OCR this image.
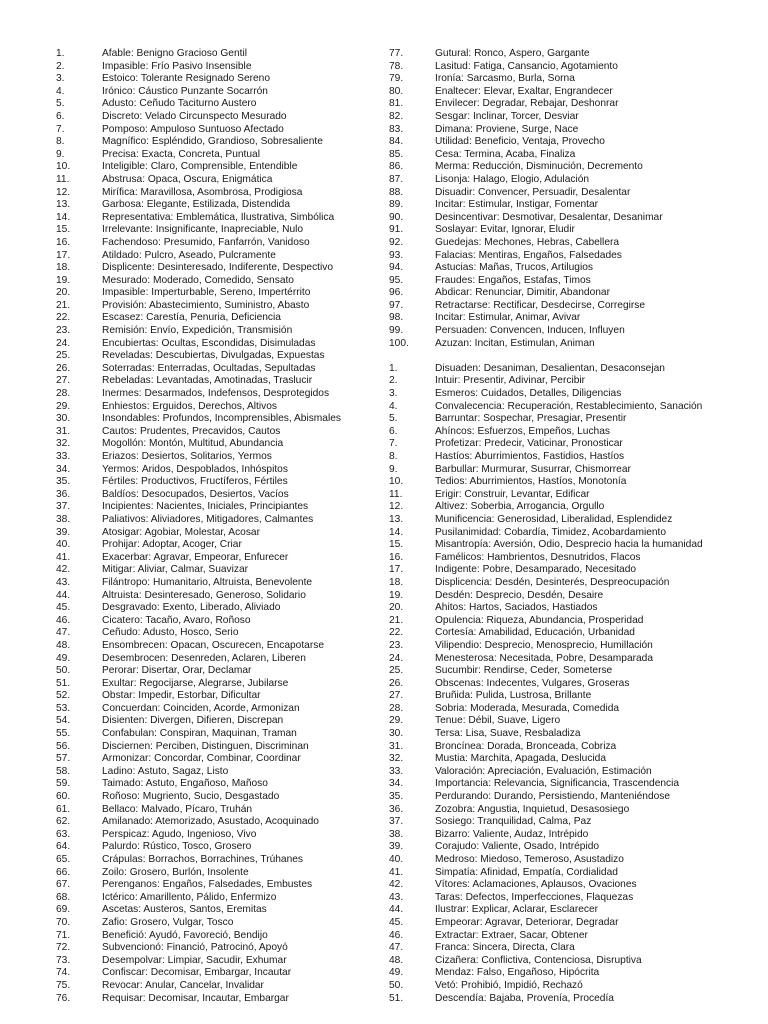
1.	Afable: Benigno Gracioso Gentil
2.	Impasible: Frío Pasivo Insensible
3.	Estoico: Tolerante Resignado Sereno
4.	Irónico: Cáustico Punzante Socarrón
5.	Adusto: Ceñudo Taciturno Austero
6.	Discreto: Velado Circunspecto Mesurado
7.	Pomposo: Ampuloso Suntuoso Afectado
8.	Magnífico: Espléndido, Grandioso, Sobresaliente
9.	Precisa: Exacta, Concreta, Puntual
10.	Inteligible: Claro, Comprensible, Entendible
11.	Abstrusa: Opaca, Oscura, Enigmática
12.	Mirífica: Maravillosa, Asombrosa, Prodigiosa
13.	Garbosa: Elegante, Estilizada, Distendida
14.	Representativa: Emblemática, Ilustrativa, Simbólica
15.	Irrelevante: Insignificante, Inapreciable, Nulo
16.	Fachendoso: Presumido, Fanfarrón, Vanidoso
17.	Atildado: Pulcro, Aseado, Pulcramente
18.	Displicente: Desinteresado, Indiferente, Despectivo
19.	Mesurado: Moderado, Comedido, Sensato
20.	Impasible: Imperturbable, Sereno, Impertérrito
21.	Provisión: Abastecimiento, Suministro, Abasto
22.	Escasez: Carestía, Penuria, Deficiencia
23.	Remisión: Envío, Expedición, Transmisión
24.	Encubiertas: Ocultas, Escondidas, Disimuladas
25.	Reveladas: Descubiertas, Divulgadas, Expuestas
26.	Soterradas: Enterradas, Ocultadas, Sepultadas
27.	Rebeladas: Levantadas, Amotinadas, Traslucir
28.	Inermes: Desarmados, Indefensos, Desprotegidos
29.	Enhiestos: Erguidos, Derechos, Altivos
30.	Insondables: Profundos, Incomprensibles, Abismales
31.	Cautos: Prudentes, Precavidos, Cautos
32.	Mogollón: Montón, Multitud, Abundancia
33.	Eriazos: Desiertos, Solitarios, Yermos
34.	Yermos: Áridos, Despoblados, Inhóspitos
35.	Fértiles: Productivos, Fructíferos, Fértiles
36.	Baldíos: Desocupados, Desiertos, Vacíos
37.	Incipientes: Nacientes, Iniciales, Principiantes
38.	Paliativos: Aliviadores, Mitigadores, Calmantes
39.	Atosigar: Agobiar, Molestar, Acosar
40.	Prohijar: Adoptar, Acoger, Criar
41.	Exacerbar: Agravar, Empeorar, Enfurecer
42.	Mitigar: Aliviar, Calmar, Suavizar
43.	Filántropo: Humanitario, Altruista, Benevolente
44.	Altruista: Desinteresado, Generoso, Solidario
45.	Desgravado: Exento, Liberado, Aliviado
46.	Cicatero: Tacaño, Avaro, Roñoso
47.	Ceñudo: Adusto, Hosco, Serio
48.	Ensombrecen: Opacan, Oscurecen, Encapotarse
49.	Desembrocen: Desenreden, Aclaren, Liberen
50.	Perorar: Disertar, Orar, Declamar
51.	Exultar: Regocijarse, Alegrarse, Jubilarse
52.	Obstar: Impedir, Estorbar, Dificultar
53.	Concuerdan: Coinciden, Acorde, Armonizan
54.	Disienten: Divergen, Difieren, Discrepan
55.	Confabulan: Conspiran, Maquinan, Traman
56.	Disciernen: Perciben, Distinguen, Discriminan
57.	Armonizar: Concordar, Combinar, Coordinar
58.	Ladino: Astuto, Sagaz, Listo
59.	Taimado: Astuto, Engañoso, Mañoso
60.	Roñoso: Mugriento, Sucio, Desgastado
61.	Bellaco: Malvado, Pícaro, Truhán
62.	Amilanado: Atemorizado, Asustado, Acoquinado
63.	Perspicaz: Agudo, Ingenioso, Vivo
64.	Palurdo: Rústico, Tosco, Grosero
65.	Crápulas: Borrachos, Borrachines, Trúhanes
66.	Zoilo: Grosero, Burlón, Insolente
67.	Perenganos: Engaños, Falsedades, Embustes
68.	Ictérico: Amarillento, Pálido, Enfermizo
69.	Ascetas: Austeros, Santos, Eremitas
70.	Zafio: Grosero, Vulgar, Tosco
71.	Benefició: Ayudó, Favoreció, Bendijo
72.	Subvencionó: Financió, Patrocinó, Apoyó
73.	Desempolvar: Limpiar, Sacudir, Exhumar
74.	Confiscar: Decomisar, Embargar, Incautar
75.	Revocar: Anular, Cancelar, Invalidar
76.	Requisar: Decomisar, Incautar, Embargar
77.	Gutural: Ronco, Áspero, Gargante
78.	Lasitud: Fatiga, Cansancio, Agotamiento
79.	Ironía: Sarcasmo, Burla, Sorna
80.	Enaltecer: Elevar, Exaltar, Engrandecer
81.	Envilecer: Degradar, Rebajar, Deshonrar
82.	Sesgar: Inclinar, Torcer, Desviar
83.	Dimana: Proviene, Surge, Nace
84.	Utilidad: Beneficio, Ventaja, Provecho
85.	Cesa: Termina, Acaba, Finaliza
86.	Merma: Reducción, Disminución, Decremento
87.	Lisonja: Halago, Elogio, Adulación
88.	Disuadir: Convencer, Persuadir, Desalentar
89.	Incitar: Estimular, Instigar, Fomentar
90.	Desincentivar: Desmotivar, Desalentar, Desanimar
91.	Soslayar: Evitar, Ignorar, Eludir
92.	Guedejas: Mechones, Hebras, Cabellera
93.	Falacias: Mentiras, Engaños, Falsedades
94.	Astucias: Mañas, Trucos, Artilugios
95.	Fraudes: Engaños, Estafas, Timos
96.	Abdicar: Renunciar, Dimitir, Abandonar
97.	Retractarse: Rectificar, Desdecirse, Corregirse
98.	Incitar: Estimular, Animar, Avivar
99.	Persuaden: Convencen, Inducen, Influyen
100.	Azuzan: Incitan, Estimulan, Animan
1.	Disuaden: Desaniman, Desalientan, Desaconsejan
2.	Intuir: Presentir, Adivinar, Percibir
3.	Esmeros: Cuidados, Detalles, Diligencias
4.	Convalecencia: Recuperación, Restablecimiento, Sanación
5.	Barruntar: Sospechar, Presagiar, Presentir
6.	Ahíncos: Esfuerzos, Empeños, Luchas
7.	Profetizar: Predecir, Vaticinar, Pronosticar
8.	Hastíos: Aburrimientos, Fastidios, Hastíos
9.	Barbullar: Murmurar, Susurrar, Chismorrear
10.	Tedios: Aburrimientos, Hastíos, Monotonía
11.	Erigir: Construir, Levantar, Edificar
12.	Altivez: Soberbia, Arrogancia, Orgullo
13.	Munificencia: Generosidad, Liberalidad, Esplendidez
14.	Pusilanimidad: Cobardía, Timidez, Acobardamiento
15.	Misantropía: Aversión, Odio, Desprecio hacia la humanidad
16.	Famélicos: Hambrientos, Desnutridos, Flacos
17.	Indigente: Pobre, Desamparado, Necesitado
18.	Displicencia: Desdén, Desinterés, Despreocupación
19.	Desdén: Desprecio, Desdén, Desaire
20.	Ahitos: Hartos, Saciados, Hastiados
21.	Opulencia: Riqueza, Abundancia, Prosperidad
22.	Cortesía: Amabilidad, Educación, Urbanidad
23.	Vilipendio: Desprecio, Menosprecio, Humillación
24.	Menesterosa: Necesitada, Pobre, Desamparada
25.	Sucumbir: Rendirse, Ceder, Someterse
26.	Obscenas: Indecentes, Vulgares, Groseras
27.	Bruñida: Pulida, Lustrosa, Brillante
28.	Sobria: Moderada, Mesurada, Comedida
29.	Tenue: Débil, Suave, Ligero
30.	Tersa: Lisa, Suave, Resbaladiza
31.	Broncínea: Dorada, Bronceada, Cobriza
32.	Mustia: Marchita, Apagada, Deslucida
33.	Valoración: Apreciación, Evaluación, Estimación
34.	Importancia: Relevancia, Significancia, Trascendencia
35.	Perdurando: Durando, Persistiendo, Manteniéndose
36.	Zozobra: Angustia, Inquietud, Desasosiego
37.	Sosiego: Tranquilidad, Calma, Paz
38.	Bizarro: Valiente, Audaz, Intrépido
39.	Corajudo: Valiente, Osado, Intrépido
40.	Medroso: Miedoso, Temeroso, Asustadizo
41.	Simpatía: Afinidad, Empatía, Cordialidad
42.	Vítores: Aclamaciones, Aplausos, Ovaciones
43.	Taras: Defectos, Imperfecciones, Flaquezas
44.	Ilustrar: Explicar, Aclarar, Esclarecer
45.	Empeorar: Agravar, Deteriorar, Degradar
46.	Extractar: Extraer, Sacar, Obtener
47.	Franca: Sincera, Directa, Clara
48.	Cizañera: Conflictiva, Contenciosa, Disruptiva
49.	Mendaz: Falso, Engañoso, Hipócrita
50.	Vetó: Prohibió, Impidió, Rechazó
51.	Descendía: Bajaba, Provenía, Procedía
